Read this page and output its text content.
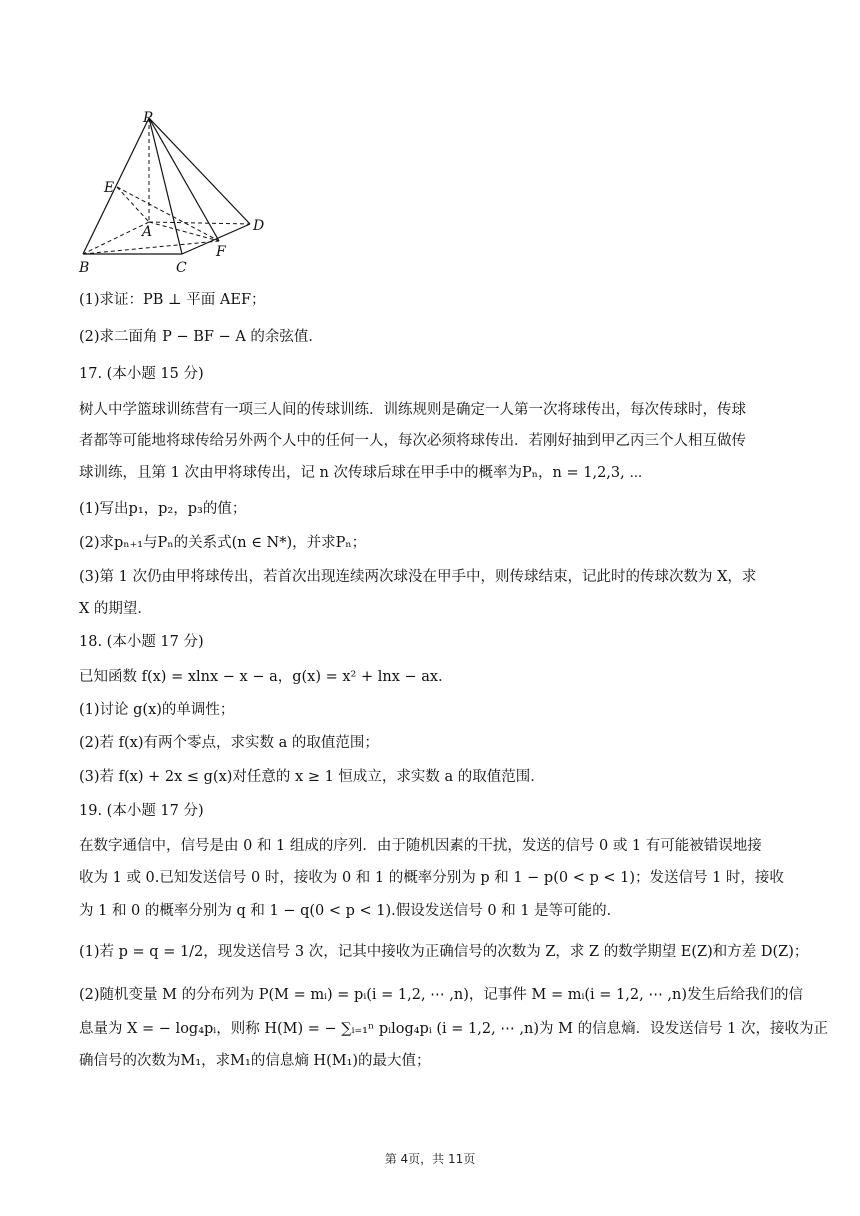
P
E
A	D
F
B	C
(1)求证：PB ⊥ 平面 AEF；
(2)求二面角 P − BF − A 的余弦值．
17. (本小题 15 分)
树人中学篮球训练营有一项三人间的传球训练．训练规则是确定一人第一次将球传出，每次传球时，传球
者都等可能地将球传给另外两个人中的任何一人，每次必须将球传出．若刚好抽到甲乙丙三个人相互做传
球训练，且第 1 次由甲将球传出，记 n 次传球后球在甲手中的概率为Pₙ，n = 1,2,3, ⋯
(1)写出p₁，p₂，p₃的值；
(2)求pₙ₊₁与Pₙ的关系式(n ∈ N*)，并求Pₙ；
(3)第 1 次仍由甲将球传出，若首次出现连续两次球没在甲手中，则传球结束，记此时的传球次数为 X，求
X 的期望．
18. (本小题 17 分)
已知函数 f(x) = xlnx − x − a，g(x) = x² + lnx − ax．
(1)讨论 g(x)的单调性；
(2)若 f(x)有两个零点，求实数 a 的取值范围；
(3)若 f(x) + 2x ≤ g(x)对任意的 x ≥ 1 恒成立，求实数 a 的取值范围．
19. (本小题 17 分)
在数字通信中，信号是由 0 和 1 组成的序列．由于随机因素的干扰，发送的信号 0 或 1 有可能被错误地接
收为 1 或 0.已知发送信号 0 时，接收为 0 和 1 的概率分别为 p 和 1 − p(0 < p < 1)；发送信号 1 时，接收
为 1 和 0 的概率分别为 q 和 1 − q(0 < p < 1).假设发送信号 0 和 1 是等可能的．
(1)若 p = q = 1/2，现发送信号 3 次，记其中接收为正确信号的次数为 Z，求 Z 的数学期望 E(Z)和方差 D(Z)；
(2)随机变量 M 的分布列为 P(M = mᵢ) = pᵢ(i = 1,2, ⋯ ,n)，记事件 M = mᵢ(i = 1,2, ⋯ ,n)发生后给我们的信
息量为 X = − log₄pᵢ，则称 H(M) = − ∑ᵢ₌₁ⁿ pᵢlog₄pᵢ (i = 1,2, ⋯ ,n)为 M 的信息熵．设发送信号 1 次，接收为正
确信号的次数为M₁，求M₁的信息熵 H(M₁)的最大值；
第 4页，共 11页
